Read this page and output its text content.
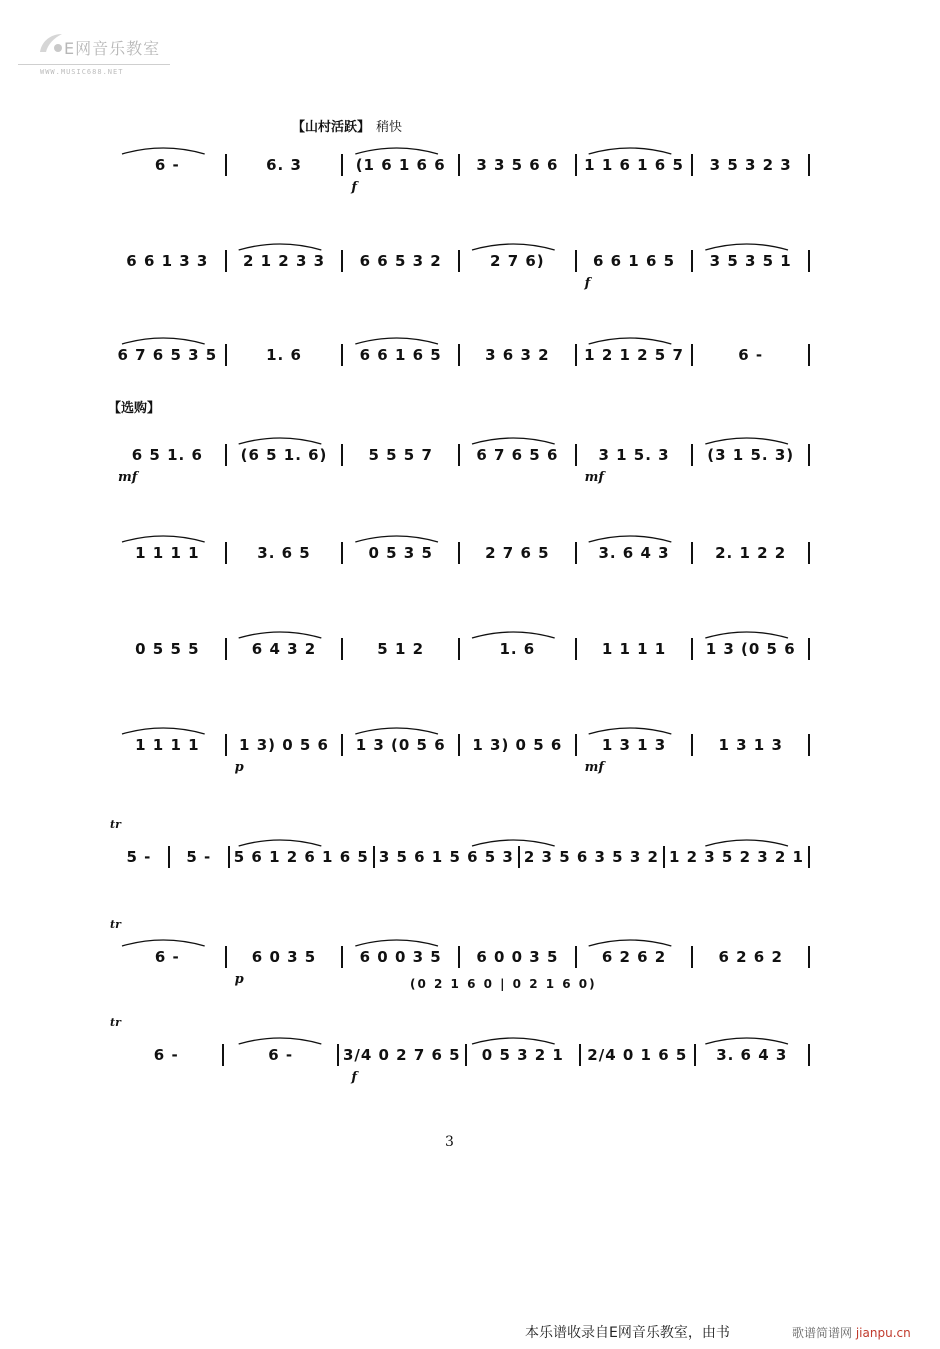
E网音乐教室
WWW.MUSIC688.NET
【山村活跃】 稍快
【选购】
6 -	6. 3	(1 6 1 6 6	3 3 5 6 6	1 1 6 1 6 5	3 5 3 2 3
f
6 6 1 3 3	2 1 2 3 3	6 6 5 3 2	2 7 6)	6 6 1 6 5	3 5 3 5 1
f
6 7 6 5 3 5	1. 6	6 6 1 6 5	3 6 3 2	1 2 1 2 5 7	6 -
6 5 1. 6	(6 5 1. 6)	5 5 5 7	6 7 6 5 6	3 1 5. 3	(3 1 5. 3)
mf	mf
1 1 1 1	3. 6 5	0 5 3 5	2 7 6 5	3. 6 4 3	2. 1 2 2
0 5 5 5	6 4 3 2	5 1 2	1. 6	1 1 1 1	1 3 (0 5 6
1 1 1 1	1 3) 0 5 6	1 3 (0 5 6	1 3) 0 5 6	1 3 1 3	1 3 1 3
p	mf
5 -	5 -	5 6 1 2 6 1 6 5 3 5 6 1 5 6 5 3 2 3 5 6 3 5 3 2 1 2 3 5 2 3 2 1
tr
6 -	6 0 3 5	6 0 0 3 5	6 0 0 3 5	6 2 6 2	6 2 6 2
p
tr
(0 2 1 6 0 | 0 2 1 6 0)
6 -	6 -	3/4 0 2 7 6 5	0 5 3 2 1	2/4 0 1 6 5	3. 6 4 3
f
tr
3
本乐谱收录自E网音乐教室，由书	歌谱简谱网 jianpu.cn
